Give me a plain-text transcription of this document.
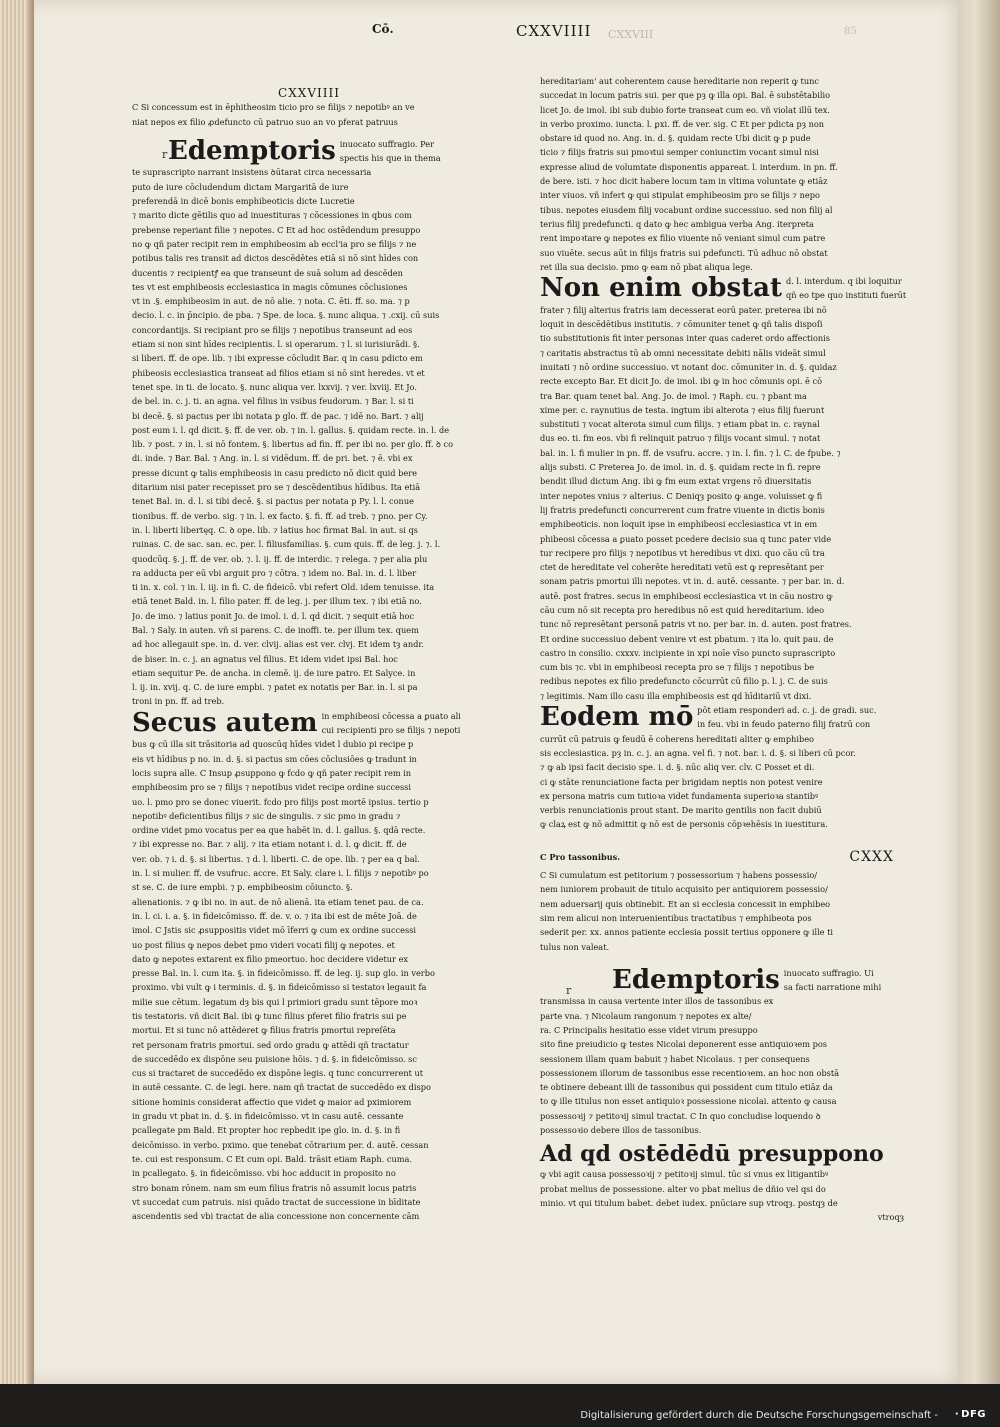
Cō.	CXXVIIII CXXVIII	85
r
r
CXXVIIII
C Si concessum est in ēphitheosim ticio pro se filijs ⁊ nepotibꝰ an ve
niat nepos ex filio ꝓdefuncto cū patruo suo an vo pferat patruus
Edemptoris inuocato suffragio. Per
spectis his que in thema
te suprascripto narrant insistens ꝺūtarat circa necessaria
puto de iure cōcludendum dictam Margaritā de iure
preferendā in dicē bonis emphibeoticis dicte Lucretie
⁊ marito dicte gētilis quo ad inuestituras ⁊ cōcessiones in qbus com
prebense reperiant filie ⁊ nepotes. C Et ad hoc ostēdendum presuppo
no ꝙ qñ pater recipit rem in emphibeosim ab eccl'ia pro se filijs ⁊ ne
potibus talis res transit ad dictos descēdētes etiā si nō sint hīdes con
ducentis ⁊ recipientꝭ ea que transeunt de suā solum ad descēden
tes vt est emphibeosis ecclesiastica in magis cōmunes cōclusiones
vt in .§. emphibeosim in aut. de nō alie. ⁊ nota. C. ēti. ff. so. ma. ⁊ p
decio. l. c. in p̄ncipio. de pba. ⁊ Spe. de loca. §. nunc aliqua. ⁊ .cxij. cū suis
concordantijs. Si recipiant pro se filijs ⁊ nepotibus transeunt ad eos
etiam si non sint hīdes recipientis. l. si operarum. ⁊ l. si iurisiurādi. §.
si liberi. ff. de ope. lib. ⁊ ibi expresse cōcludit Bar. q in casu pdicto em
phibeosis ecclesiastica transeat ad filios etiam si nō sint heredes. vt et
tenet spe. in ti. de locato. §. nunc aliqua ver. lxxvij. ⁊ ver. lxviij. Et Jo.
de bel. in. c. j. ti. an agna. vel filius in vsibus feudorum. ⁊ Bar. l. si ti
bi decē. §. si pactus per ibi notata p glo. ff. de pac. ⁊ idē no. Bart. ⁊ alij
post eum i. l. qd dicit. §. ff. de ver. ob. ⁊ in. l. gallus. §. quidam recte. in. l. de
lib. ⁊ post. ⁊ in. l. si nō fontem. §. libertus ad fin. ff. per ibi no. per glo. ff. ꝺ co
di. inde. ⁊ Bar. Bal. ⁊ Ang. in. l. si vidēdum. ff. de pri. bet. ⁊ ē. vbi ex
presse dicunt ꝙ talis emphibeosis in casu predicto nō dicit quid bere
ditarium nisi pater recepisset pro se ⁊ descēdentibus hīdibus. Ita etiā
tenet Bal. in. d. l. si tibi decē. §. si pactus per notata p Py. l. l. conue
tionibus. ff. de verbo. sig. ⁊ in. l. ex facto. §. fi. ff. ad treb. ⁊ pno. per Cy.
in. l. liberti libertęq. C. ꝺ ope. lib. ⁊ latius hoc firmat Bal. in aut. si qs
ruinas. C. de sac. san. ec. per. l. filiusfamilias. §. cum quis. ff. de leg. j. ⁊. l.
quodcūq. §. j. ff. de ver. ob. ⁊. l. ij. ff. de interdic. ⁊ relega. ⁊ per alia plu
ra adducta per eū vbi arguit pro ⁊ cōtra. ⁊ idem no. Bal. in. d. l. liber
ti in. x. col. ⁊ in. l. iij. in fi. C. de fideicō. vbi refert Old. idem tenuisse. ita
etiā tenet Bald. in. l. filio pater. ff. de leg. j. per illum tex. ⁊ ibi etiā no.
Jo. de imo. ⁊ latius ponit Jo. de imol. i. d. l. qd dicit. ⁊ sequit etiā hoc
Bal. ⁊ Saly. in auten. vñ si parens. C. de inoffi. te. per illum tex. quem
ad hoc allegauit spe. in. d. ver. clvij. alias est ver. clvj. Et idem tȝ andr.
de biser. in. c. j. an agnatus vel filius. Et idem videt ipsi Bal. hoc
etiam sequitur Pe. de ancha. in clemē. ij. de iure patro. Et Salyce. in
l. ij. in. xvij. q. C. de iure empbi. ⁊ patet ex notatis per Bar. in. l. si pa
troni in pn. ff. ad treb.
Secus autem in emphibeosi cōcessa a ꝑuato ali
cui recipienti pro se filijs ⁊ nepoti
bus ꝙ cū illa sit trāsitoria ad quoscūq hīdes videt l dubio pi recipe p
eis vt hīdibus p no. in. d. §. si pactus sm cōes cōclusiōes ꝙ tradunt in
locis supra alle. C Insup ꝓsuppono ꝙ fcdo ꝙ qñ pater recipit rem in
emphibeosim pro se ⁊ filijs ⁊ nepotibus videt recipe ordine successi
uo. l. pmo pro se donec viuerit. fcdo pro filijs post mortē ipsius. tertio p
nepotibꝰ deficientibus filijs ⁊ sic de singulis. ⁊ sic pmo in gradu ⁊
ordine videt pmo vocatus per ea que habēt in. d. l. gallus. §. qdā recte.
⁊ ibi expresse no. Bar. ⁊ alij. ⁊ ita etiam notant i. d. l. ꝙ dicit. ff. de
ver. ob. ⁊ i. d. §. si libertus. ⁊ d. l. liberti. C. de ope. lib. ⁊ per ea q bal.
in. l. si mulier. ff. de vsufruc. accre. Et Saly. clare i. l. filijs ⁊ nepotibꝰ po
st se. C. de iure empbi. ⁊ p. empbibeosim cōiuncto. §.
alienationis. ⁊ ꝙ ibi no. in aut. de nō alienā. ita etiam tenet pau. de ca.
in. l. ci. i. a. §. in fideicōmisso. ff. de. v. o. ⁊ ita ibi est de mēte Joā. de
imol. C Jstis sic ꝓsuppositis videt mō īferri ꝙ cum ex ordine successi
uo post filius ꝙ nepos debet pmo videri vocati filij ꝙ nepotes. et
dato ꝙ nepotes extarent ex filio pmeortuo. hoc decidere videtur ex
presse Bal. in. l. cum ita. §. in fideicōmisso. ff. de leg. ij. sup glo. in verbo
proximo. vbi vult ꝙ i terminis. d. §. in fideicōmisso si testatoꝛ legauit fa
milie sue cētum. legatum dȝ bis qui l primiori gradu sunt tēpore moꝛ
tis testatoris. vñ dicit Bal. ibi ꝙ tunc filius pferet filio fratris sui pe
mortui. Et si tunc nō attēderet ꝙ filius fratris pmortui repreſēta
ret personam fratris pmortui. sed ordo gradu ꝙ attēdi qñ tractatur
de succedēdo ex dispōne seu puisione hōis. ⁊ d. §. in fideicōmisso. sc
cus si tractaret de succedēdo ex dispōne legis. q tunc concurrerent ut
in autē cessante. C. de legi. here. nam qñ tractat de succedēdo ex dispo
sitione hominis considerat affectio que videt ꝙ maior ad pximiorem
in gradu vt pbat in. d. §. in fideicōmisso. vt in casu autē. cessante
pcallegate pm Bald. Et propter hoc repbedit ipe glo. in. d. §. in fi
deicōmisso. in verbo. pximo. que tenebat cōtrarium per. d. autē. cessan
te. cui est responsum. C Et cum opi. Bald. trāsit etiam Raph. cuma.
in pcallegato. §. in fideicōmisso. vbi hoc adducit in proposito no
stro bonam rōnem. nam sm eum filius fratris nō assumit locus patris
vt succedat cum patruis. nisi quādo tractat de successione in bīditate
ascendentis sed vbi tractat de alia concessione non concernente cām
hereditariam' aut coherentem cause hereditarie non reperit ꝙ tunc
succedat in locum patris sui. per que pȝ ꝙ illa opi. Bal. ē substētabilio
licet Jo. de imol. ibi sub dubio forte transeat cum eo. vñ violat illū tex.
in verbo proximo. iuncta. l. ꝑxi. ff. de ver. sig. C Et per pdicta pȝ non
obstare id quod no. Ang. in. d. §. quidam recte Ubi dicit ꝙ p pude
ticio ⁊ filijs fratris sui pmoꝛtui semper coniunctim vocant simul nisi
expresse aliud de volumtate disponentis appareat. l. interdum. in pn. ff.
de bere. isti. ⁊ hoc dicit habere locum tam in vltima voluntate ꝙ etiāz
inter viuos. vñ infert ꝙ qui stipulat emphibeosim pro se filijs ⁊ nepo
tibus. nepotes eiusdem filij vocabunt ordine successiuo. sed non filij al
terius filij predefuncti. q dato ꝙ hec ambigua verba Ang. iterpreta
rent impoꝛtare ꝙ nepotes ex filio viuente nō veniant simul cum patre
suo viuēte. secus aūt in filijs fratris sui pdefuncti. Tū adhuc nō obstat
ret illa sua decisio. pmo ꝙ eam nō pbat aliqua lege.
Non enim obstat d. l. interdum. q ibi loquitur
qñ eo tpe quo instituti fuerūt
frater ⁊ filij alterius fratris iam decesserat eorū pater. preterea ibi nō
loquit in descēdētibus institutis. ⁊ cōmuniter tenet ꝙ qñ talis dispoſi
tio substitutionis fit inter personas inter quas caderet ordo affectionis
⁊ caritatis abstractus tū ab omni necessitate debiti nālis videāt simul
inuitati ⁊ nō ordine successiuo. vt notant doc. cōmuniter in. d. §. quidaz
recte excepto Bar. Et dicit Jo. de imol. ibi ꝙ in hoc cōmunis opi. ē cō
tra Bar. quam tenet bal. Ang. Jo. de imol. ⁊ Raph. cu. ⁊ pbant ma
xime per. c. raynutius de testa. ingtum ibi alterota ⁊ eius filij fuerunt
substituti ⁊ vocat alterota simul cum filijs. ⁊ etiam pbat in. c. raynal
dus eo. ti. fm eos. vbi fi relinquit patruo ⁊ filijs vocant simul. ⁊ notat
bal. in. l. fi mulier in pn. ff. de vsufru. accre. ⁊ in. l. fin. ⁊ l. C. de fpube. ⁊
alijs substi. C Preterea Jo. de imol. in. d. §. quidam recte in fi. repre
bendit illud dictum Ang. ibi ꝙ fm eum extat vrgens rō diuersitatis
inter nepotes vnius ⁊ alterius. C Deniqȝ posito ꝙ ange. voluisset ꝙ fi
lij fratris predefuncti concurrerent cum fratre viuente in dictis bonis
emphibeoticis. non loquit ipse in emphibeosi ecclesiastica vt in em
phibeosi cōcessa a ꝑuato posset pcedere decisio sua q tunc pater vide
tur recipere pro filijs ⁊ nepotibus vt heredibus vt dixi. quo cāu cū tra
ctet de hereditate vel coherēte hereditati vetū est ꝙ represētant per
sonam patris pmortui illi nepotes. vt in. d. autē. cessante. ⁊ per bar. in. d.
autē. post fratres. secus in emphibeosi ecclesiastica vt in cāu nostro ꝙ
cāu cum nō sit recepta pro heredibus nō est quid hereditarium. ideo
tunc nō represētant personā patris vt no. per bar. in. d. auten. post fratres.
Et ordine successiuo debent venire vt est pbatum. ⁊ ita lo. quit pau. de
castro in consilio. cxxxv. incipiente in xpi noīe vīso puncto suprascripto
cum bis ⁊c. vbi in emphibeosi recepta pro se ⁊ filijs ⁊ nepotibus be
redibus nepotes ex filio predefuncto cōcurrūt cū filio p. l. j. C. de suis
⁊ legitimis. Nam illo casu illa emphibeosis est qd hīditariū vt dixi.
Eodem mō pōt etiam responderi ad. c. j. de gradi. suc.
in feu. vbi in feudo paterno filij fratrū con
currūt cū patruis ꝙ feudū ē coherens hereditati aliter ꝙ emphibeo
sis ecclesiastica. pȝ in. c. j. an agna. vel fi. ⁊ not. bar. i. d. §. si liberi cū pcor.
⁊ ꝙ ab ipsi facit decisio spe. i. d. §. nūc aliq ver. clv. C Posset et di.
ci ꝙ stāte renunciatione facta per brigidam neptis non potest venire
ex persona matris cum tutioꝛa videt fundamenta superioꝛa stantibꝰ
verbis renunciationis prout stant. De marito gentilis non facit dubiū
ꝙ claꝝ est ꝙ nō admittit ꝙ nō est de personis cōpꝛehēsis in iuestitura.
C Pro tassonibus.	CXXX
C Si cumulatum est petitorium ⁊ possessorium ⁊ habens possessio/
nem iuniorem probauit de titulo acquisito per antiquiorem possessio/
nem aduersarij quis obtinebit. Et an si ecclesia concessit in emphibeo
sim rem alicui non interuenientibus tractatibus ⁊ emphibeota pos
sederit per. xx. annos patiente ecclesia possit tertius opponere ꝙ ille ti
tulus non valeat.
Edemptoris inuocato suffragio. Ui
sa facti narratione mihi
transmissa in causa vertente inter illos de tassonibus ex
parte vna. ⁊ Nicolaum rangonum ⁊ nepotes ex alte/
ra. C Principalis hesitatio esse videt virum presuppo
sito fine preiudicio ꝙ testes Nicolai deponerent esse antiquioꝛem pos
sessionem illam quam babuit ⁊ habet Nicolaus. ⁊ per consequens
possessionem illorum de tassonibus esse recentioꝛem. an hoc non obstā
te obtinere debeant illi de tassonibus qui possident cum titulo etiāz da
to ꝙ ille titulus non esset antiquioꝛ possessione nicolai. attento ꝙ causa
possessoꝛij ⁊ petitoꝛij simul tractat. C In quo concludise loquendo ꝺ
possessoꝛio debere illos de tassonibus.
Ad qd ostēdēdū presuppono
ꝙ vbi agit causa possessoꝛij ⁊ petitoꝛij simul. tūc si vnus ex litigantibꝰ
probat melius de possessione. alter vo pbat melius de dñio vel qsi do
minio. vt qui titulum babet. debet iudex. pnūciare sup vtroqȝ. postqȝ de
vtroqȝ
Digitalisierung gefördert durch die Deutsche Forschungsgemeinschaft - · DFG
